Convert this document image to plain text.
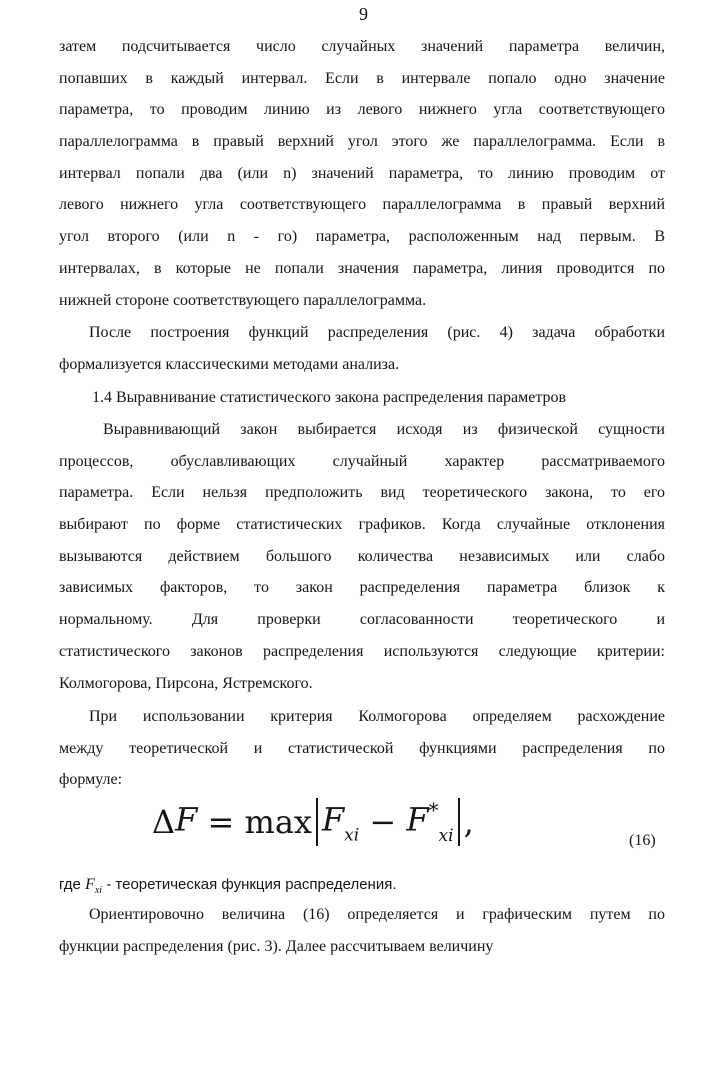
9
затем подсчитывается число случайных значений параметра величин,
попавших в каждый интервал. Если в интервале попало одно значение
параметра, то проводим линию из левого нижнего угла соответствующего
параллелограмма в правый верхний угол этого же параллелограмма. Если в
интервал попали два (или n) значений параметра, то линию проводим от
левого нижнего угла соответствующего параллелограмма в правый верхний
угол второго (или n - го) параметра, расположенным над первым. В
интервалах, в которые не попали значения параметра, линия проводится по
нижней стороне соответствующего параллелограмма.
После построения функций распределения (рис. 4) задача обработки
формализуется классическими методами анализа.
1.4 Выравнивание статистического закона распределения параметров
Выравнивающий закон выбирается исходя из физической сущности
процессов, обуславливающих случайный характер рассматриваемого
параметра. Если нельзя предположить вид теоретического закона, то его
выбирают по форме статистических графиков. Когда случайные отклонения
вызываются действием большого количества независимых или слабо
зависимых факторов, то закон распределения параметра близок к
нормальному. Для проверки согласованности теоретического и
статистического законов распределения используются следующие критерии:
Колмогорова, Пирсона, Ястремского.
При использовании критерия Колмогорова определяем расхождение
между теоретической и статистической функциями распределения по
формуле:
$\Delta F = \max F_{xi} - F^*_{xi}$ ,	(16)
где $F_{xi}$ - теоретическая функция распределения.
Ориентировочно величина (16) определяется и графическим путем по
функции распределения (рис. 3). Далее рассчитываем величину
